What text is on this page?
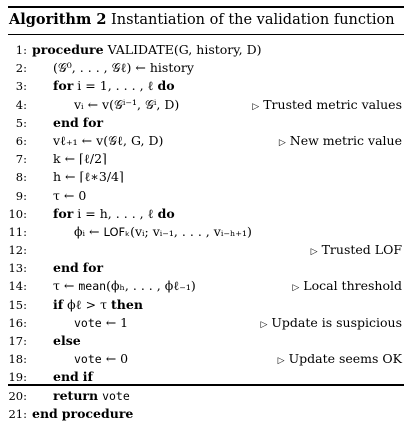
Algorithm 2 Instantiation of the validation function
1: procedure VALIDATE(G, history, D)
2: (𝒢⁰, . . . , 𝒢ℓ) ← history
3: for i = 1, . . . , ℓ do
4:	vᵢ ← v(𝒢ⁱ⁻¹, 𝒢ⁱ, D)	▷ Trusted metric values
5: end for
6: vℓ₊₁ ← v(𝒢ℓ, G, D)	▷ New metric value
7: k ← ⌈ℓ/2⌉
8: h ← ⌈ℓ∗3/4⌉
9: τ ← 0
10: for i = h, . . . , ℓ do
11:	ϕᵢ ← LOFₖ(vᵢ; vᵢ₋₁, . . . , vᵢ₋ₕ₊₁)
12:	▷ Trusted LOF
13: end for
14: τ ← mean(ϕₕ, . . . , ϕℓ₋₁)	▷ Local threshold
15: if ϕℓ > τ then
16:	vote ← 1	▷ Update is suspicious
17: else
18:	vote ← 0	▷ Update seems OK
19: end if
20: return vote
21: end procedure
